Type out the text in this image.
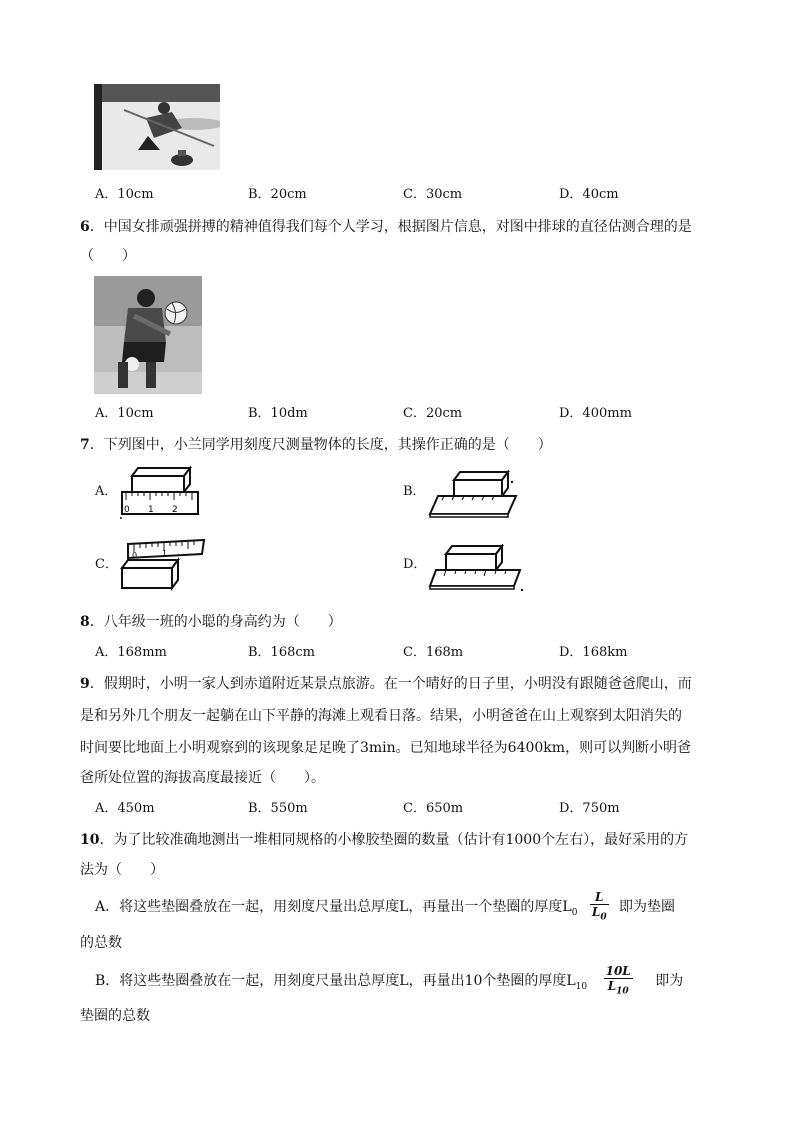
A．10cm	B．20cm	C．30cm	D．40cm
6．中国女排顽强拼搏的精神值得我们每个人学习，根据图片信息，对图中排球的直径估测合理的是
（　　）
A．10cm	B．10dm	C．20cm	D．400mm
7．下列图中，小兰同学用刻度尺测量物体的长度，其操作正确的是（　　）
A．
0 1 2
B．
C．
0	1
D．
8．八年级一班的小聪的身高约为（　　）
A．168mm	B．168cm	C．168m	D．168km
9．假期时，小明一家人到赤道附近某景点旅游。在一个晴好的日子里，小明没有跟随爸爸爬山，而
是和另外几个朋友一起躺在山下平静的海滩上观看日落。结果，小明爸爸在山上观察到太阳消失的
时间要比地面上小明观察到的该现象足足晚了3min。已知地球半径为6400km，则可以判断小明爸
爸所处位置的海拔高度最接近（　　）。
A．450m	B．550m	C．650m	D．750m
10．为了比较准确地测出一堆相同规格的小橡胶垫圈的数量（估计有1000个左右），最好采用的方
法为（　　）
A．将这些垫圈叠放在一起，用刻度尺量出总厚度L，再量出一个垫圈的厚度$L_0 \frac{L}{L_0}$ 即为垫圈
的总数
B．将这些垫圈叠放在一起，用刻度尺量出总厚度L，再量出10个垫圈的厚度$L_{10} \frac{10L}{L_{10}}$ 即为
垫圈的总数
